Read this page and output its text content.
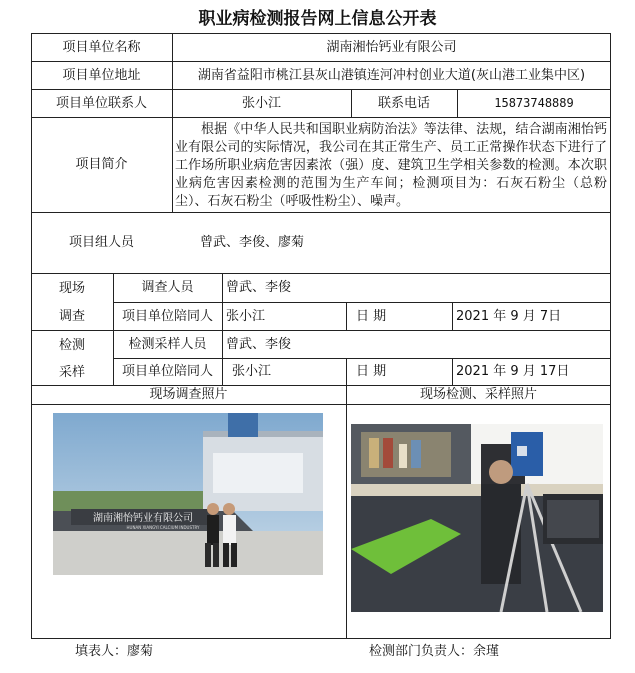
职业病检测报告网上信息公开表
项目单位名称	湖南湘怡钙业有限公司
项目单位地址	湖南省益阳市桃江县灰山港镇连河冲村创业大道(灰山港工业集中区)
项目单位联系人	张小江	联系电话	15873748889
项目简介
根据《中华人民共和国职业病防治法》等法律、法规，结合湖南湘怡钙业有限公司的实际情况，我公司在其正常生产、员工正常操作状态下进行了工作场所职业病危害因素浓（强）度、建筑卫生学相关参数的检测。本次职业病危害因素检测的范围为生产车间；检测项目为：石灰石粉尘（总粉尘）、石灰石粉尘（呼吸性粉尘）、噪声。
项目组人员	曾武、李俊、廖菊
现场
调查
调查人员	曾武、李俊
项目单位陪同人	张小江	日 期	2021 年 9 月 7日
检测
采样
检测采样人员	曾武、李俊
项目单位陪同人	张小江	日 期	2021 年 9 月 17日
现场调查照片	现场检测、采样照片
湖南湘怡钙业有限公司
HUNAN XIANGYI CALCIUM INDUSTRY
填表人：廖菊	检测部门负责人：余瑾
